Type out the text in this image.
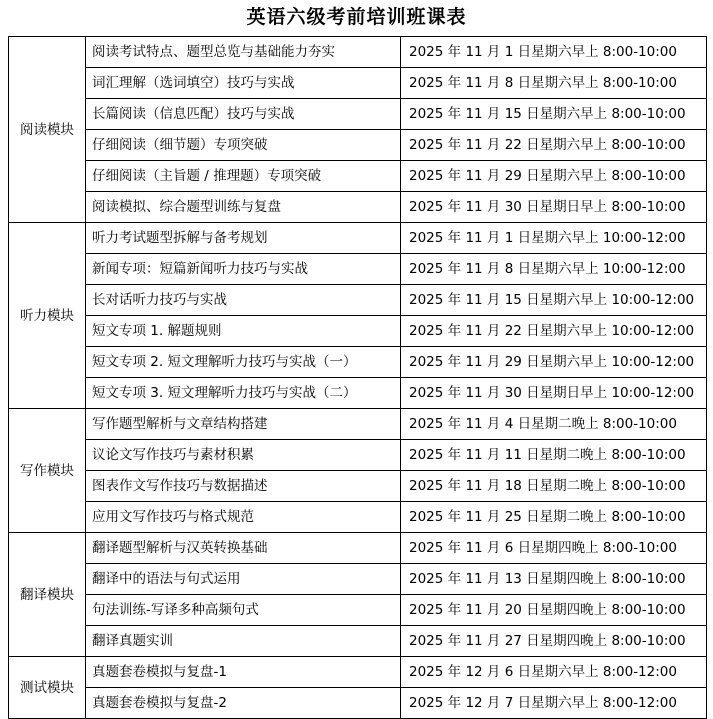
英语六级考前培训班课表
阅读模块	阅读考试特点、题型总览与基础能力夯实	2025 年 11 月 1 日星期六早上 8:00-10:00
	词汇理解（选词填空）技巧与实战	2025 年 11 月 8 日星期六早上 8:00-10:00
	长篇阅读（信息匹配）技巧与实战	2025 年 11 月 15 日星期六早上 8:00-10:00
	仔细阅读（细节题）专项突破	2025 年 11 月 22 日星期六早上 8:00-10:00
	仔细阅读（主旨题 / 推理题）专项突破	2025 年 11 月 29 日星期六早上 8:00-10:00
	阅读模拟、综合题型训练与复盘	2025 年 11 月 30 日星期日早上 8:00-10:00
听力模块	听力考试题型拆解与备考规划	2025 年 11 月 1 日星期六早上 10:00-12:00
	新闻专项：短篇新闻听力技巧与实战	2025 年 11 月 8 日星期六早上 10:00-12:00
	长对话听力技巧与实战	2025 年 11 月 15 日星期六早上 10:00-12:00
	短文专项 1. 解题规则	2025 年 11 月 22 日星期六早上 10:00-12:00
	短文专项 2. 短文理解听力技巧与实战（一）	2025 年 11 月 29 日星期六早上 10:00-12:00
	短文专项 3. 短文理解听力技巧与实战（二）	2025 年 11 月 30 日星期日早上 10:00-12:00
写作模块	写作题型解析与文章结构搭建	2025 年 11 月 4 日星期二晚上 8:00-10:00
	议论文写作技巧与素材积累	2025 年 11 月 11 日星期二晚上 8:00-10:00
	图表作文写作技巧与数据描述	2025 年 11 月 18 日星期二晚上 8:00-10:00
	应用文写作技巧与格式规范	2025 年 11 月 25 日星期二晚上 8:00-10:00
翻译模块	翻译题型解析与汉英转换基础	2025 年 11 月 6 日星期四晚上 8:00-10:00
	翻译中的语法与句式运用	2025 年 11 月 13 日星期四晚上 8:00-10:00
	句法训练-写译多种高频句式	2025 年 11 月 20 日星期四晚上 8:00-10:00
	翻译真题实训	2025 年 11 月 27 日星期四晚上 8:00-10:00
测试模块	真题套卷模拟与复盘-1	2025 年 12 月 6 日星期六早上 8:00-12:00
	真题套卷模拟与复盘-2	2025 年 12 月 7 日星期六早上 8:00-12:00
